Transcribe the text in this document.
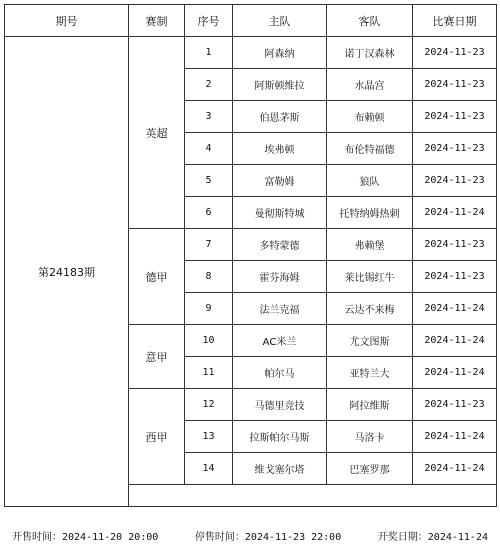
期号	赛制	序号	主队	客队	比赛日期
第24183期	英超	1	阿森纳	诺丁汉森林	2024-11-23
		2	阿斯顿维拉	水晶宫	2024-11-23
		3	伯恩茅斯	布赖顿	2024-11-23
		4	埃弗顿	布伦特福德	2024-11-23
		5	富勒姆	狼队	2024-11-23
		6	曼彻斯特城	托特纳姆热刺	2024-11-24
	德甲	7	多特蒙德	弗赖堡	2024-11-23
		8	霍芬海姆	莱比锡红牛	2024-11-23
		9	法兰克福	云达不来梅	2024-11-24
	意甲	10	AC米兰	尤文图斯	2024-11-24
		11	帕尔马	亚特兰大	2024-11-24
	西甲	12	马德里竞技	阿拉维斯	2024-11-23
		13	拉斯帕尔马斯	马洛卡	2024-11-24
		14	维戈塞尔塔	巴塞罗那	2024-11-24

开售时间：2024-11-20 20:00	停售时间：2024-11-23 22:00	开奖日期：2024-11-24
